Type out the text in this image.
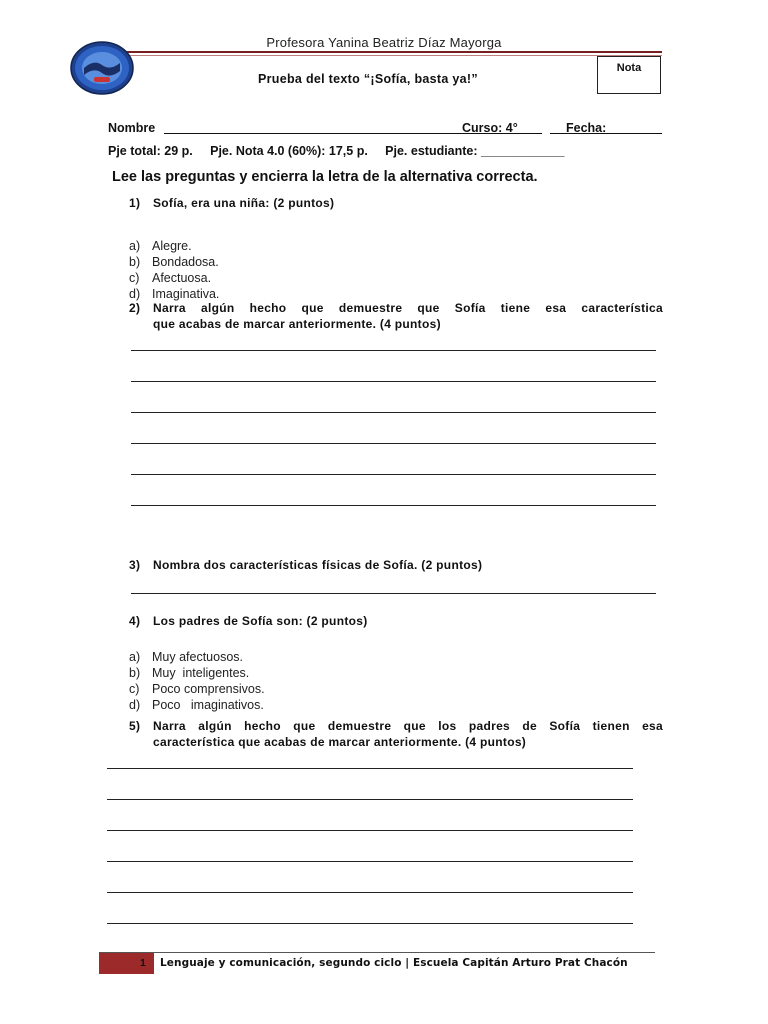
Profesora Yanina Beatriz Díaz Mayorga
Nota
Prueba del texto “¡Sofía, basta ya!”
Nombre	Curso: 4°	Fecha:
Pje total: 29 p.     Pje. Nota 4.0 (60%): 17,5 p.     Pje. estudiante: ____________
Lee las preguntas y encierra la letra de la alternativa correcta.
1) Sofía, era una niña: (2 puntos)

a) Alegre.

b) Bondadosa.

c) Afectuosa.

d) Imaginativa.

2) Narra algún hecho que demuestre que Sofía tiene esa característica
que acabas de marcar anteriormente. (4 puntos)
3) Nombra dos características físicas de Sofía. (2 puntos)
4) Los padres de Sofía son: (2 puntos)

a) Muy afectuosos.

b) Muy  inteligentes.

c) Poco comprensivos.

d) Poco   imaginativos.

5) Narra algún hecho que demuestre que los padres de Sofía tienen esa
característica que acabas de marcar anteriormente. (4 puntos)
1	Lenguaje y comunicación, segundo ciclo | Escuela Capitán Arturo Prat Chacón
